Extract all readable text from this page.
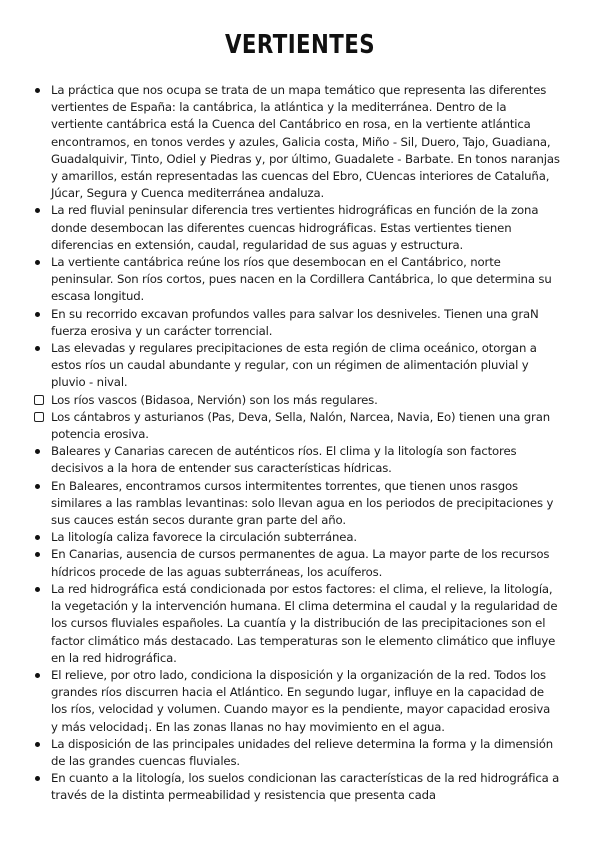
VERTIENTES
La práctica que nos ocupa se trata de un mapa temático que representa las diferentes vertientes de España: la cantábrica, la atlántica y la mediterránea. Dentro de la vertiente cantábrica está la Cuenca del Cantábrico en rosa, en la vertiente atlántica encontramos, en tonos verdes y azules, Galicia costa, Miño - Sil, Duero, Tajo, Guadiana, Guadalquivir, Tinto, Odiel y Piedras y, por último, Guadalete - Barbate. En tonos naranjas y amarillos, están representadas las cuencas del Ebro, CUencas interiores de Cataluña, Júcar, Segura y Cuenca mediterránea andaluza.
La red fluvial peninsular diferencia tres vertientes hidrográficas en función de la zona donde desembocan las diferentes cuencas hidrográficas. Estas vertientes tienen diferencias en extensión, caudal, regularidad de sus aguas y estructura.
La vertiente cantábrica reúne los ríos que desembocan en el Cantábrico, norte peninsular. Son ríos cortos, pues nacen en la Cordillera Cantábrica, lo que determina su escasa longitud.
En su recorrido excavan profundos valles para salvar los desniveles. Tienen una graN fuerza erosiva y un carácter torrencial.
Las elevadas y regulares precipitaciones de esta región de clima oceánico, otorgan a estos ríos un caudal abundante y regular, con un régimen de alimentación pluvial y pluvio - nival.
Los ríos vascos (Bidasoa, Nervión) son los más regulares.
Los cántabros y asturianos (Pas, Deva, Sella, Nalón, Narcea, Navia, Eo) tienen una gran potencia erosiva.
Baleares y Canarias carecen de auténticos ríos. El clima y la litología son factores decisivos a la hora de entender sus características hídricas.
En Baleares, encontramos cursos intermitentes torrentes, que tienen unos rasgos similares a las ramblas levantinas: solo llevan agua en los periodos de precipitaciones y sus cauces están secos durante gran parte del año.
La litología caliza favorece la circulación subterránea.
En Canarias, ausencia de cursos permanentes de agua. La mayor parte de los recursos hídricos procede de las aguas subterráneas, los acuíferos.
La red hidrográfica está condicionada por estos factores: el clima, el relieve, la litología, la vegetación y la intervención humana. El clima determina el caudal y la regularidad de los cursos fluviales españoles. La cuantía y la distribución de las precipitaciones son el factor climático más destacado. Las temperaturas son le elemento climático que influye en la red hidrográfica.
El relieve, por otro lado, condiciona la disposición y la organización de la red. Todos los grandes ríos discurren hacia el Atlántico. En segundo lugar, influye en la capacidad de los ríos, velocidad y volumen. Cuando mayor es la pendiente, mayor capacidad erosiva y más velocidad¡. En las zonas llanas no hay movimiento en el agua.
La disposición de las principales unidades del relieve determina la forma y la dimensión de las grandes cuencas fluviales.
En cuanto a la litología, los suelos condicionan las características de la red hidrográfica a través de la distinta permeabilidad y resistencia que presenta cada
